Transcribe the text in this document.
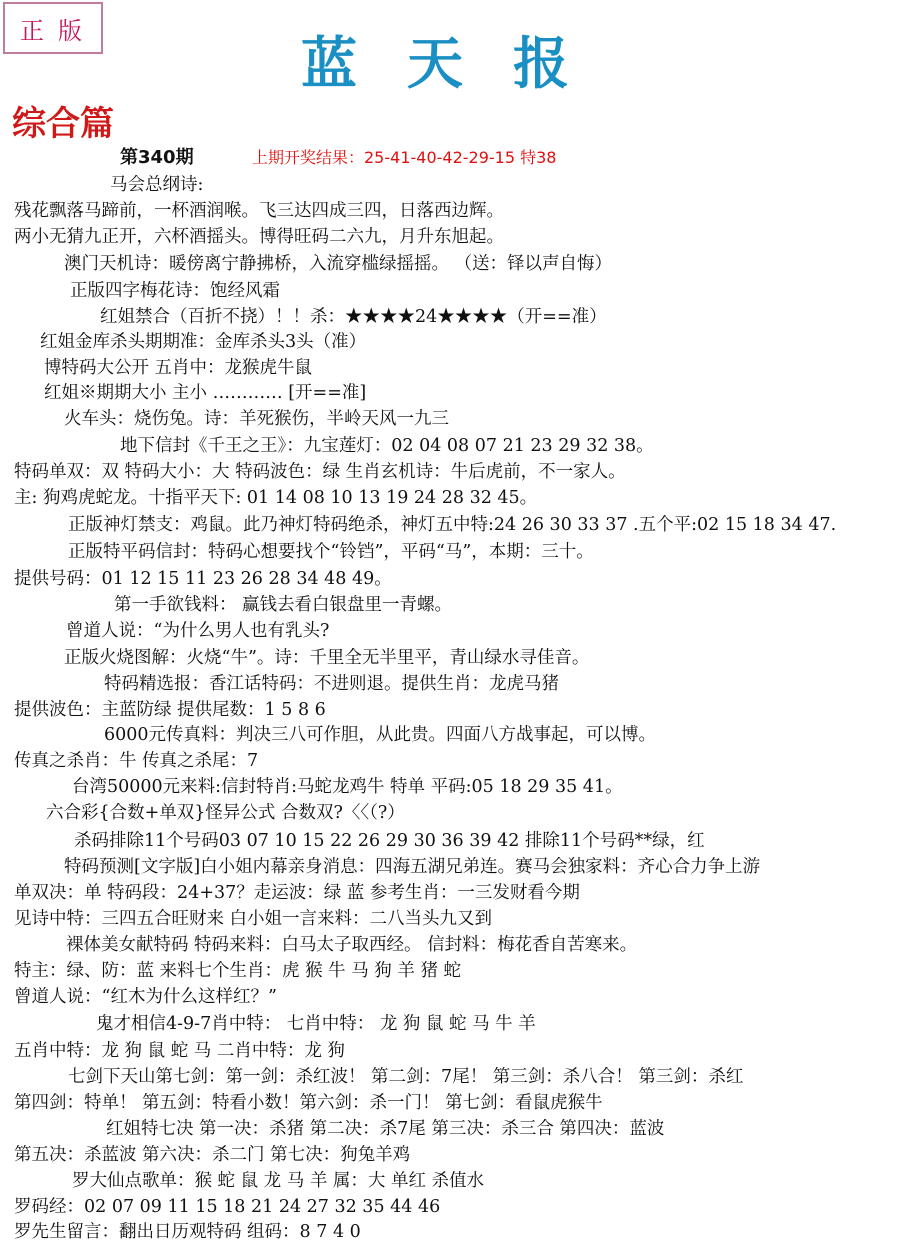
正版
蓝天报
综合篇
第340期	上期开奖结果：25-41-40-42-29-15 特38
马会总纲诗:
残花飘落马蹄前，一杯酒润喉。飞三达四成三四，日落西边辉。
两小无猜九正开，六杯酒摇头。博得旺码二六九，月升东旭起。
澳门天机诗：暖傍离宁静拂桥，入流穿槛绿摇摇。 （送：铎以声自悔）
正版四字梅花诗：饱经风霜
红姐禁合（百折不挠）！！杀：★★★★24★★★★（开==准）
红姐金库杀头期期准：金库杀头3头（准）
博特码大公开 五肖中：龙猴虎牛鼠
红姐※期期大小 主小 ‥‥‥‥‥‥ [开==准]
火车头：烧伤兔。诗：羊死猴伤，半岭天风一九三
地下信封《千王之王》：九宝莲灯：02 04 08 07 21 23 29 32 38。
特码单双：双 特码大小：大 特码波色：绿 生肖玄机诗：牛后虎前，不一家人。
主: 狗鸡虎蛇龙。十指平天下: 01 14 08 10 13 19 24 28 32 45。
正版神灯禁支：鸡鼠。此乃神灯特码绝杀，神灯五中特:24 26 30 33 37 .五个平:02 15 18 34 47.
正版特平码信封：特码心想要找个“铃铛”，平码“马”，本期：三十。
提供号码：01 12 15 11 23 26 28 34 48 49。
第一手欲钱料： 赢钱去看白银盘里一青螺。
曾道人说：“为什么男人也有乳头?
正版火烧图解：火烧“牛”。诗：千里全无半里平，青山绿水寻佳音。
特码精选报：香江话特码：不进则退。提供生肖：龙虎马猪
提供波色：主蓝防绿 提供尾数：1 5 8 6
6000元传真料：判决三八可作胆，从此贵。四面八方战事起，可以博。
传真之杀肖：牛 传真之杀尾：7
台湾50000元来料:信封特肖:马蛇龙鸡牛 特单 平码:05 18 29 35 41。
六合彩{合数+单双}怪异公式 合数双?〈〈（?）
杀码排除11个号码03 07 10 15 22 26 29 30 36 39 42 排除11个号码**绿，红
特码预测[文字版]白小姐内幕亲身消息：四海五湖兄弟连。赛马会独家料：齐心合力争上游
单双决：单 特码段：24+37？走运波：绿 蓝 参考生肖：一三发财看今期
见诗中特：三四五合旺财来 白小姐一言来料：二八当头九又到
裸体美女献特码 特码来料：白马太子取西经。 信封料：梅花香自苦寒来。
特主：绿、防：蓝 来料七个生肖：虎 猴 牛 马 狗 羊 猪 蛇
曾道人说：“红木为什么这样红？”
鬼才相信4-9-7肖中特： 七肖中特： 龙 狗 鼠 蛇 马 牛 羊
五肖中特：龙 狗 鼠 蛇 马 二肖中特：龙 狗
七剑下天山第七剑：第一剑：杀红波！ 第二剑：7尾！ 第三剑：杀八合！ 第三剑：杀红
第四剑：特单！ 第五剑：特看小数！第六剑：杀一门！ 第七剑：看鼠虎猴牛
红姐特七决 第一决：杀猪 第二决：杀7尾 第三决：杀三合 第四决：蓝波
第五决：杀蓝波 第六决：杀二门 第七决：狗兔羊鸡
罗大仙点歌单：猴 蛇 鼠 龙 马 羊 属：大 单红 杀值水
罗码经：02 07 09 11 15 18 21 24 27 32 35 44 46
罗先生留言：翻出日历观特码 组码：8 7 4 0
